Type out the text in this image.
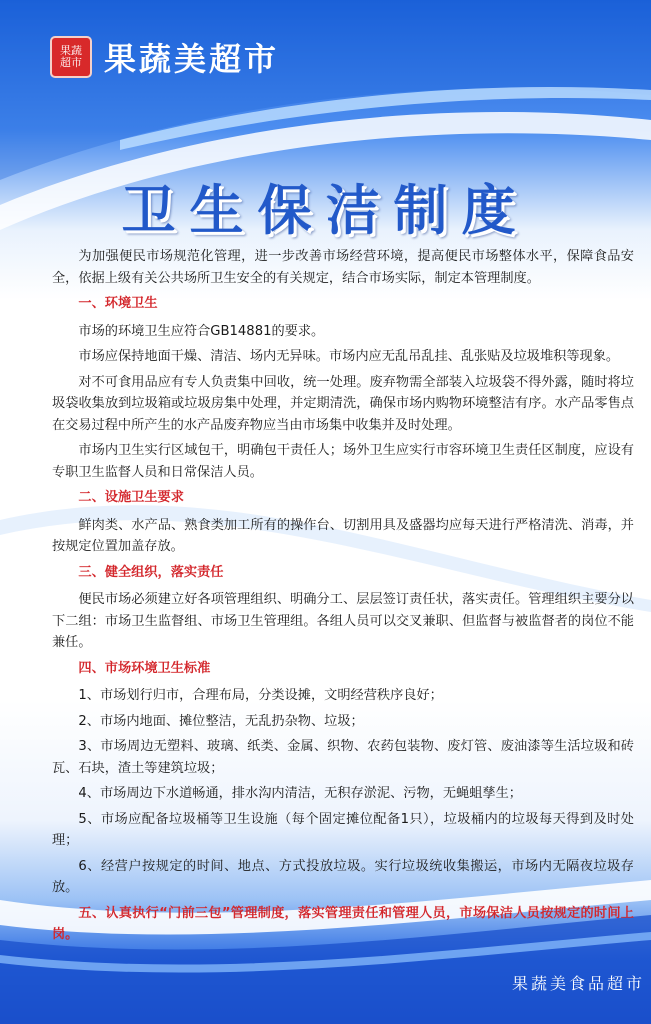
果蔬超市 果蔬美超市
卫生保洁制度

为加强便民市场规范化管理，进一步改善市场经营环境，提高便民市场整体水平，保障食品安全，依据上级有关公共场所卫生安全的有关规定，结合市场实际，制定本管理制度。

一、环境卫生

市场的环境卫生应符合GB14881的要求。

市场应保持地面干燥、清洁、场内无异味。市场内应无乱吊乱挂、乱张贴及垃圾堆积等现象。

对不可食用品应有专人负责集中回收，统一处理。废弃物需全部装入垃圾袋不得外露，随时将垃圾袋收集放到垃圾箱或垃圾房集中处理，并定期清洗，确保市场内购物环境整洁有序。水产品零售点在交易过程中所产生的水产品废弃物应当由市场集中收集并及时处理。

市场内卫生实行区域包干，明确包干责任人；场外卫生应实行市容环境卫生责任区制度，应设有专职卫生监督人员和日常保洁人员。

二、设施卫生要求

鲜肉类、水产品、熟食类加工所有的操作台、切割用具及盛器均应每天进行严格清洗、消毒，并按规定位置加盖存放。

三、健全组织，落实责任

便民市场必须建立好各项管理组织、明确分工、层层签订责任状，落实责任。管理组织主要分以下二组：市场卫生监督组、市场卫生管理组。各组人员可以交叉兼职、但监督与被监督者的岗位不能兼任。

四、市场环境卫生标准

1、市场划行归市，合理布局，分类设摊，文明经营秩序良好；

2、市场内地面、摊位整洁，无乱扔杂物、垃圾；

3、市场周边无塑料、玻璃、纸类、金属、织物、农药包装物、废灯管、废油漆等生活垃圾和砖瓦、石块，渣土等建筑垃圾；

4、市场周边下水道畅通，排水沟内清洁，无积存淤泥、污物，无蝇蛆孳生；

5、市场应配备垃圾桶等卫生设施（每个固定摊位配备1只），垃圾桶内的垃圾每天得到及时处理；

6、经营户按规定的时间、地点、方式投放垃圾。实行垃圾统收集搬运，市场内无隔夜垃圾存放。

五、认真执行“门前三包”管理制度，落实管理责任和管理人员，市场保洁人员按规定的时间上岗。

果蔬美食品超市
